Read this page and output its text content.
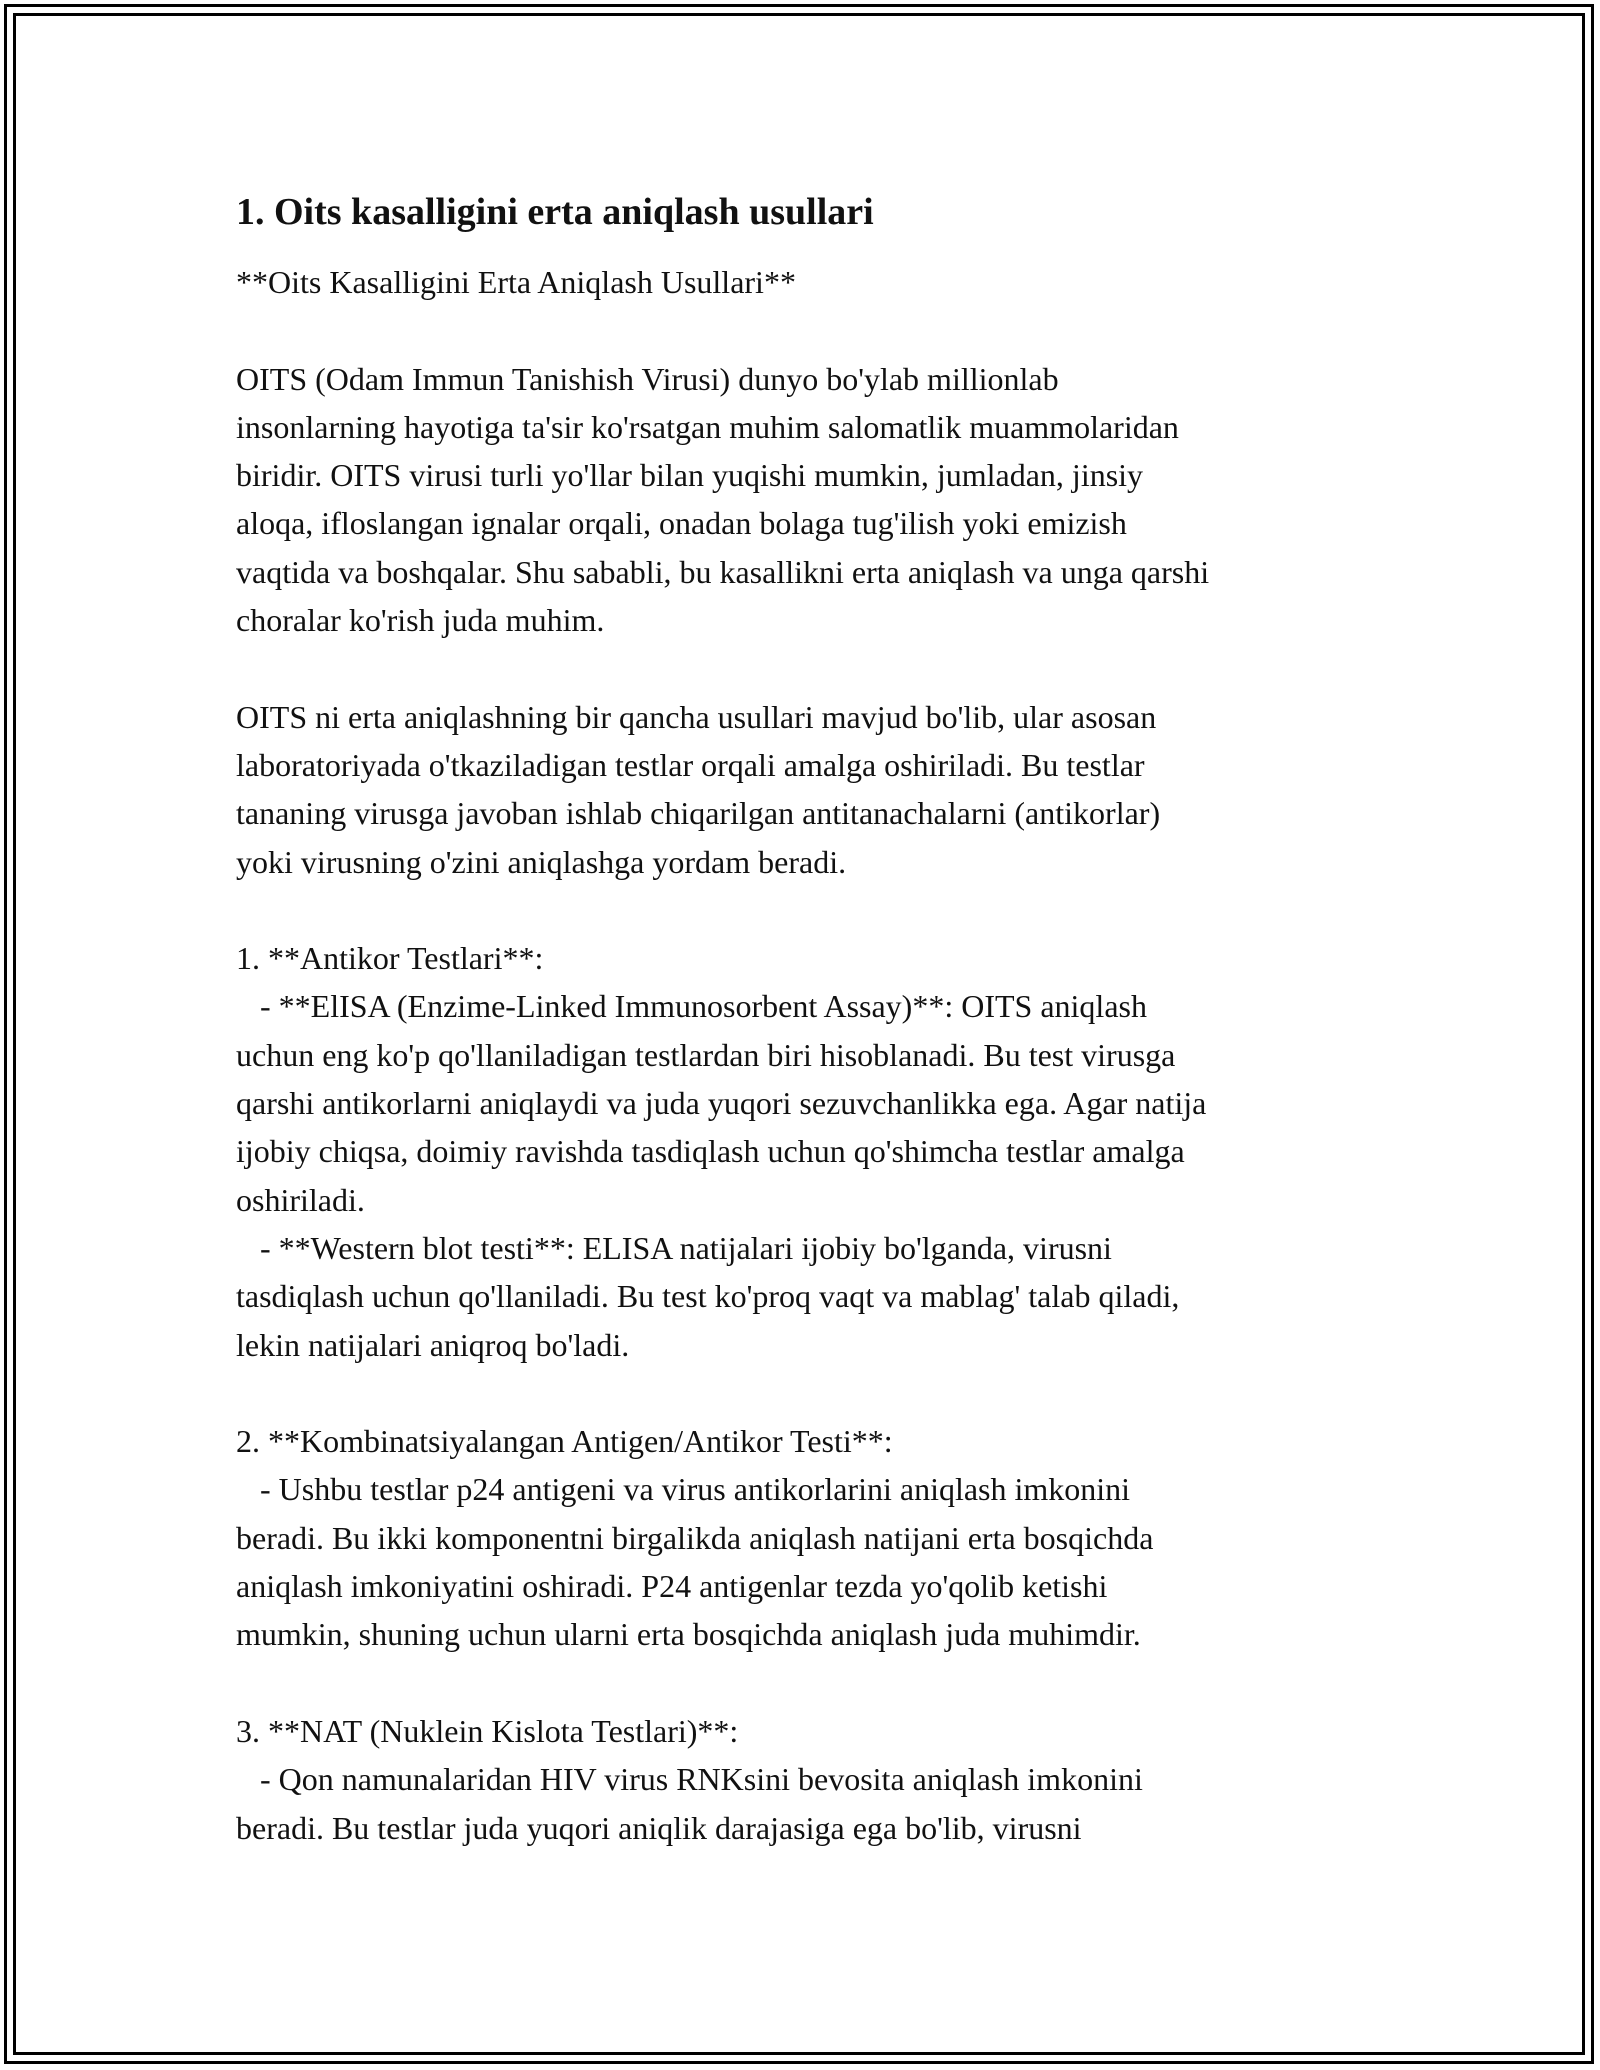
1. Oits kasalligini erta aniqlash usullari

**Oits Kasalligini Erta Aniqlash Usullari**

OITS (Odam Immun Tanishish Virusi) dunyo bo'ylab millionlab
insonlarning hayotiga ta'sir ko'rsatgan muhim salomatlik muammolaridan
biridir. OITS virusi turli yo'llar bilan yuqishi mumkin, jumladan, jinsiy
aloqa, ifloslangan ignalar orqali, onadan bolaga tug'ilish yoki emizish
vaqtida va boshqalar. Shu sababli, bu kasallikni erta aniqlash va unga qarshi
choralar ko'rish juda muhim.

OITS ni erta aniqlashning bir qancha usullari mavjud bo'lib, ular asosan
laboratoriyada o'tkaziladigan testlar orqali amalga oshiriladi. Bu testlar
tananing virusga javoban ishlab chiqarilgan antitanachalarni (antikorlar)
yoki virusning o'zini aniqlashga yordam beradi.

1. **Antikor Testlari**:
- **ElISA (Enzime-Linked Immunosorbent Assay)**: OITS aniqlash
uchun eng ko'p qo'llaniladigan testlardan biri hisoblanadi. Bu test virusga
qarshi antikorlarni aniqlaydi va juda yuqori sezuvchanlikka ega. Agar natija
ijobiy chiqsa, doimiy ravishda tasdiqlash uchun qo'shimcha testlar amalga
oshiriladi.
- **Western blot testi**: ELISA natijalari ijobiy bo'lganda, virusni
tasdiqlash uchun qo'llaniladi. Bu test ko'proq vaqt va mablag' talab qiladi,
lekin natijalari aniqroq bo'ladi.

2. **Kombinatsiyalangan Antigen/Antikor Testi**:
- Ushbu testlar p24 antigeni va virus antikorlarini aniqlash imkonini
beradi. Bu ikki komponentni birgalikda aniqlash natijani erta bosqichda
aniqlash imkoniyatini oshiradi. P24 antigenlar tezda yo'qolib ketishi
mumkin, shuning uchun ularni erta bosqichda aniqlash juda muhimdir.

3. **NAT (Nuklein Kislota Testlari)**:
- Qon namunalaridan HIV virus RNKsini bevosita aniqlash imkonini
beradi. Bu testlar juda yuqori aniqlik darajasiga ega bo'lib, virusni
